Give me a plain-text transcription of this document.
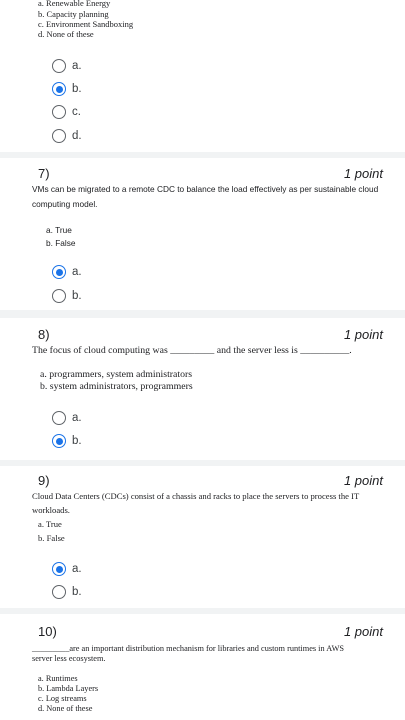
a. Renewable Energy
b. Capacity planning
c. Environment Sandboxing
d. None of these
a.
b.
c.
d.
7)	1 point
VMs can be migrated to a remote CDC to balance the load effectively as per sustainable cloud
computing model.
a. True
b. False
a.
b.
8)	1 point
The focus of cloud computing was _________ and the server less is __________.
a. programmers, system administrators
b. system administrators, programmers
a.
b.
9)	1 point
Cloud Data Centers (CDCs) consist of a chassis and racks to place the servers to process the IT
workloads.
a. True
b. False
a.
b.
10)	1 point
_________are an important distribution mechanism for libraries and custom runtimes in AWS
server less ecosystem.
a. Runtimes
b. Lambda Layers
c. Log streams
d. None of these
